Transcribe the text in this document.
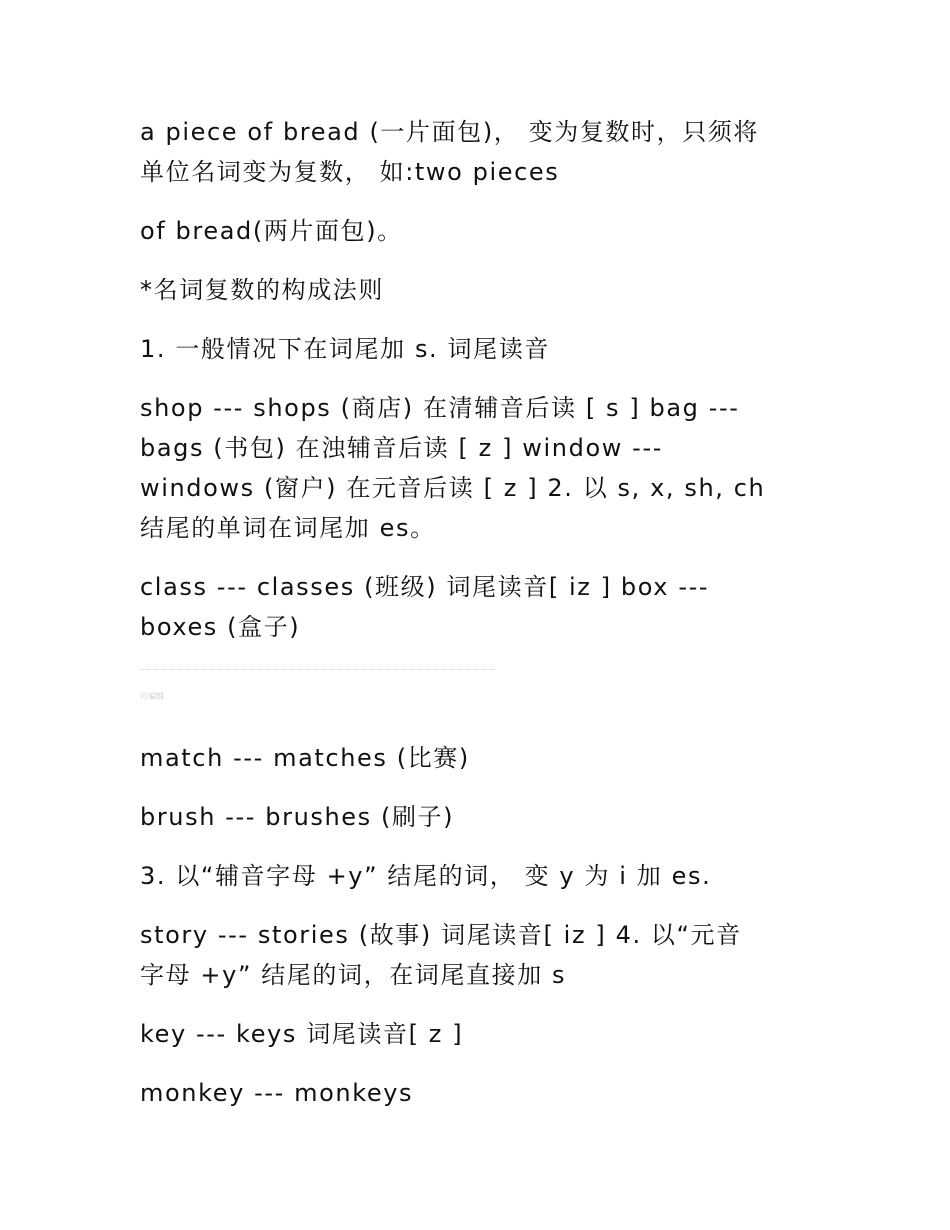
a piece of bread (一片面包)， 变为复数时，只须将
单位名词变为复数， 如:two pieces

of bread(两片面包)。

*名词复数的构成法则

1. 一般情况下在词尾加 s. 词尾读音

shop --- shops (商店) 在清辅音后读 [ s ] bag ---
bags (书包) 在浊辅音后读 [ z ] window ---
windows (窗户) 在元音后读 [ z ] 2. 以 s, x, sh, ch
结尾的单词在词尾加 es。

class --- classes (班级) 词尾读音[ iz ] box ---
boxes (盒子)

可编辑

match --- matches (比赛)

brush --- brushes (刷子)

3. 以“辅音字母 +y” 结尾的词， 变 y 为 i 加 es.

story --- stories (故事) 词尾读音[ iz ] 4. 以“元音
字母 +y” 结尾的词，在词尾直接加 s

key --- keys 词尾读音[ z ]

monkey --- monkeys
